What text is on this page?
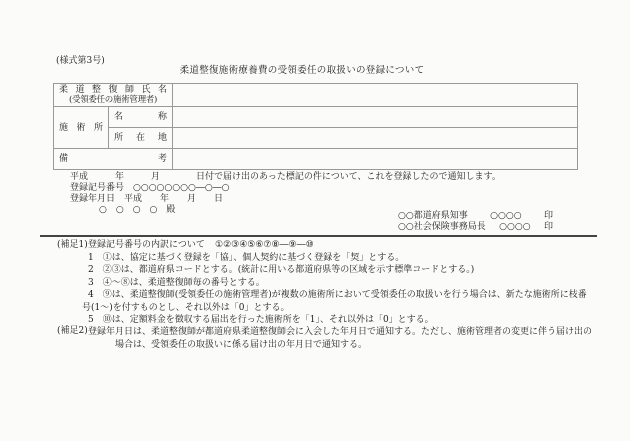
(様式第3号)
柔道整復施術療養費の受領委任の取扱いの登録について
柔 道 整 復 師 氏 名
(受領委任の施術管理者)		

施 術 所	名 称	

	所 在 地	

備 考		

平成　　　年　　　月　　　　日付で届け出のあった標記の件について、これを登録したので通知します。
登録記号番号　○○○○○○○○―○―○
登録年月日　平成　　年　　月　　日
○　○　○　○　殿
○○都道府県知事 ○○○○ 印
○○社会保険事務局長 ○○○○ 印
(補足1) 登録記号番号の内訳について ①②③④⑤⑥⑦⑧―⑨―⑩
1　①は、協定に基づく登録を「協」、個人契約に基づく登録を「契」とする。
2　②③は、都道府県コードとする。(統計に用いる都道府県等の区域を示す標準コードとする。)
3　④～⑧は、柔道整復師毎の番号とする。
4　⑨は、柔道整復師(受領委任の施術管理者)が複数の施術所において受領委任の取扱いを行う場合は、新たな施術所に枝番号(1～)を付すものとし、それ以外は「0」とする。
5　⑩は、定額料金を徴収する届出を行った施術所を「1」、それ以外は「0」とする。
(補足2) 登録年月日は、柔道整復師が都道府県柔道整復師会に入会した年月日で通知する。ただし、施術管理者の変更に伴う届け出の場合は、受領委任の取扱いに係る届け出の年月日で通知する。
